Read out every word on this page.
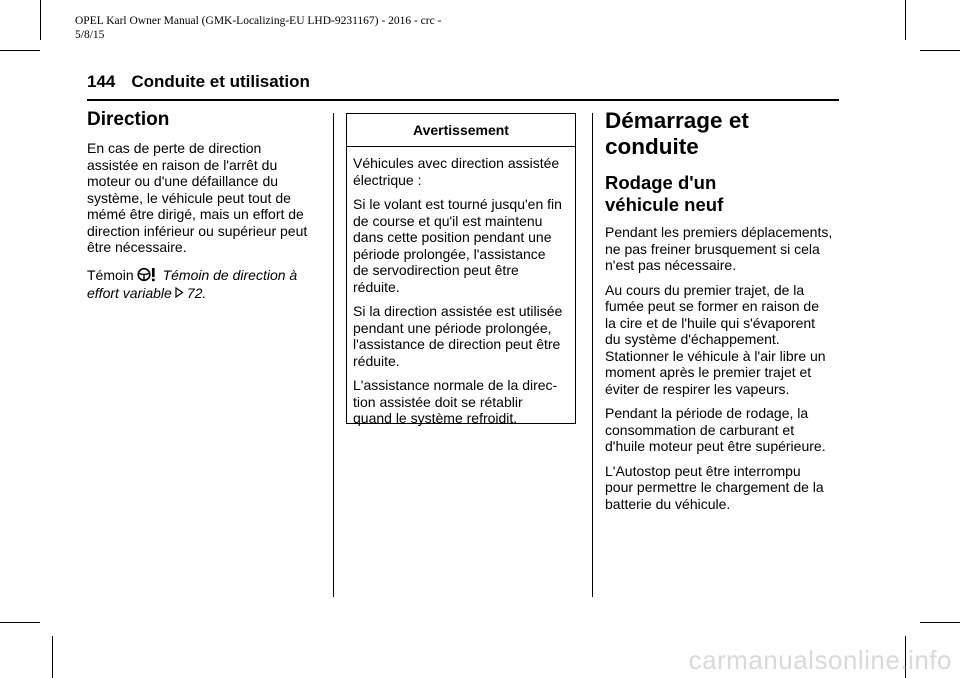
OPEL Karl Owner Manual (GMK-Localizing-EU LHD-9231167) - 2016 - crc -
5/8/15
144 Conduite et utilisation
Direction

En cas de perte de direction
assistée en raison de l'arrêt du
moteur ou d'une défaillance du
système, le véhicule peut tout de
mémé être dirigé, mais un effort de
direction inférieur ou supérieur peut
être nécessaire.

Témoin Témoin de direction à
effort variable 72.

Avertissement

Véhicules avec direction assistée
électrique :

Si le volant est tourné jusqu'en fin
de course et qu'il est maintenu
dans cette position pendant une
période prolongée, l'assistance
de servodirection peut être
réduite.

Si la direction assistée est utilisée
pendant une période prolongée,
l'assistance de direction peut être
réduite.

L'assistance normale de la direc-
tion assistée doit se rétablir
quand le système refroidit.

Démarrage et
conduite
Rodage d'un
véhicule neuf

Pendant les premiers déplacements,
ne pas freiner brusquement si cela
n'est pas nécessaire.

Au cours du premier trajet, de la
fumée peut se former en raison de
la cire et de l'huile qui s'évaporent
du système d'échappement.
Stationner le véhicule à l'air libre un
moment après le premier trajet et
éviter de respirer les vapeurs.

Pendant la période de rodage, la
consommation de carburant et
d'huile moteur peut être supérieure.

L'Autostop peut être interrompu
pour permettre le chargement de la
batterie du véhicule.

carmanualsonline.info
